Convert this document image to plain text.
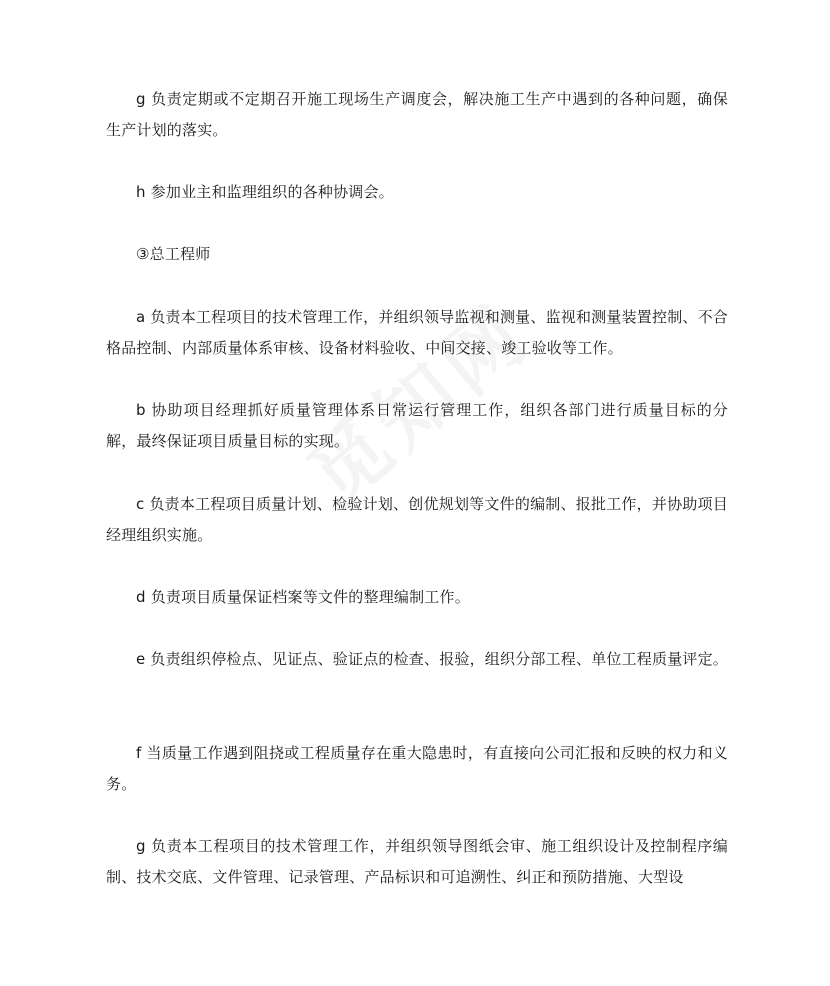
g 负责定期或不定期召开施工现场生产调度会，解决施工生产中遇到的各种问题，确保生产计划的落实。

h 参加业主和监理组织的各种协调会。

③总工程师

a 负责本工程项目的技术管理工作，并组织领导监视和测量、监视和测量装置控制、不合格品控制、内部质量体系审核、设备材料验收、中间交接、竣工验收等工作。

b 协助项目经理抓好质量管理体系日常运行管理工作，组织各部门进行质量目标的分解，最终保证项目质量目标的实现。

c 负责本工程项目质量计划、检验计划、创优规划等文件的编制、报批工作，并协助项目经理组织实施。

d 负责项目质量保证档案等文件的整理编制工作。

e 负责组织停检点、见证点、验证点的检查、报验，组织分部工程、单位工程质量评定。

f 当质量工作遇到阻挠或工程质量存在重大隐患时，有直接向公司汇报和反映的权力和义务。

g 负责本工程项目的技术管理工作，并组织领导图纸会审、施工组织设计及控制程序编制、技术交底、文件管理、记录管理、产品标识和可追溯性、纠正和预防措施、大型设
